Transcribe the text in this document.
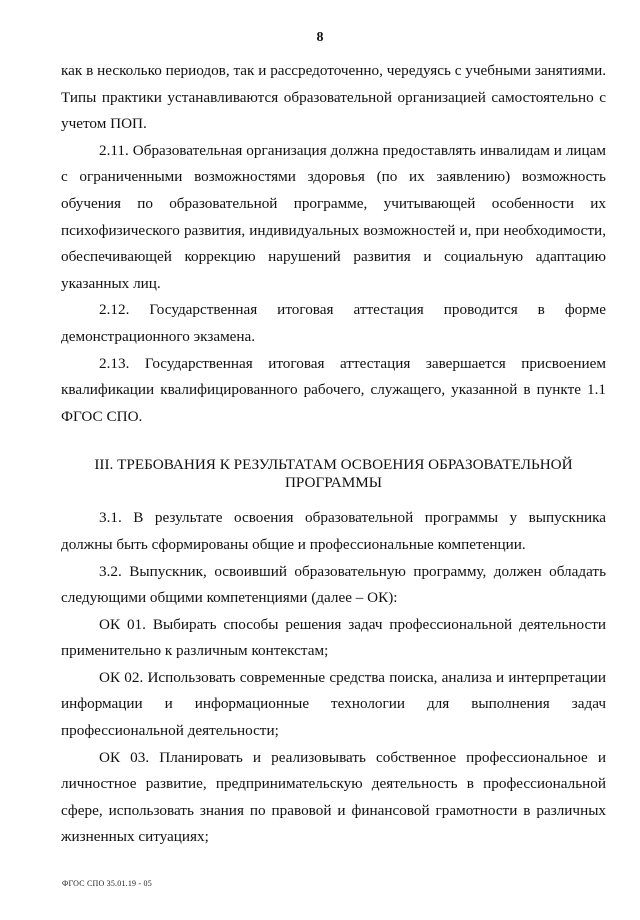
8

как в несколько периодов, так и рассредоточенно, чередуясь с учебными занятиями. Типы практики устанавливаются образовательной организацией самостоятельно с учетом ПОП.

2.11. Образовательная организация должна предоставлять инвалидам и лицам с ограниченными возможностями здоровья (по их заявлению) возможность обучения по образовательной программе, учитывающей особенности их психофизического развития, индивидуальных возможностей и, при необходимости, обеспечивающей коррекцию нарушений развития и социальную адаптацию указанных лиц.

2.12. Государственная итоговая аттестация проводится в форме демонстрационного экзамена.

2.13. Государственная итоговая аттестация завершается присвоением квалификации квалифицированного рабочего, служащего, указанной в пункте 1.1 ФГОС СПО.

III. ТРЕБОВАНИЯ К РЕЗУЛЬТАТАМ ОСВОЕНИЯ ОБРАЗОВАТЕЛЬНОЙ
ПРОГРАММЫ

3.1. В результате освоения образовательной программы у выпускника должны быть сформированы общие и профессиональные компетенции.

3.2. Выпускник, освоивший образовательную программу, должен обладать следующими общими компетенциями (далее – ОК):

ОК 01. Выбирать способы решения задач профессиональной деятельности применительно к различным контекстам;

ОК 02. Использовать современные средства поиска, анализа и интерпретации информации и информационные технологии для выполнения задач профессиональной деятельности;

ОК 03. Планировать и реализовывать собственное профессиональное и личностное развитие, предпринимательскую деятельность в профессиональной сфере, использовать знания по правовой и финансовой грамотности в различных жизненных ситуациях;

ФГОС СПО 35.01.19 - 05
